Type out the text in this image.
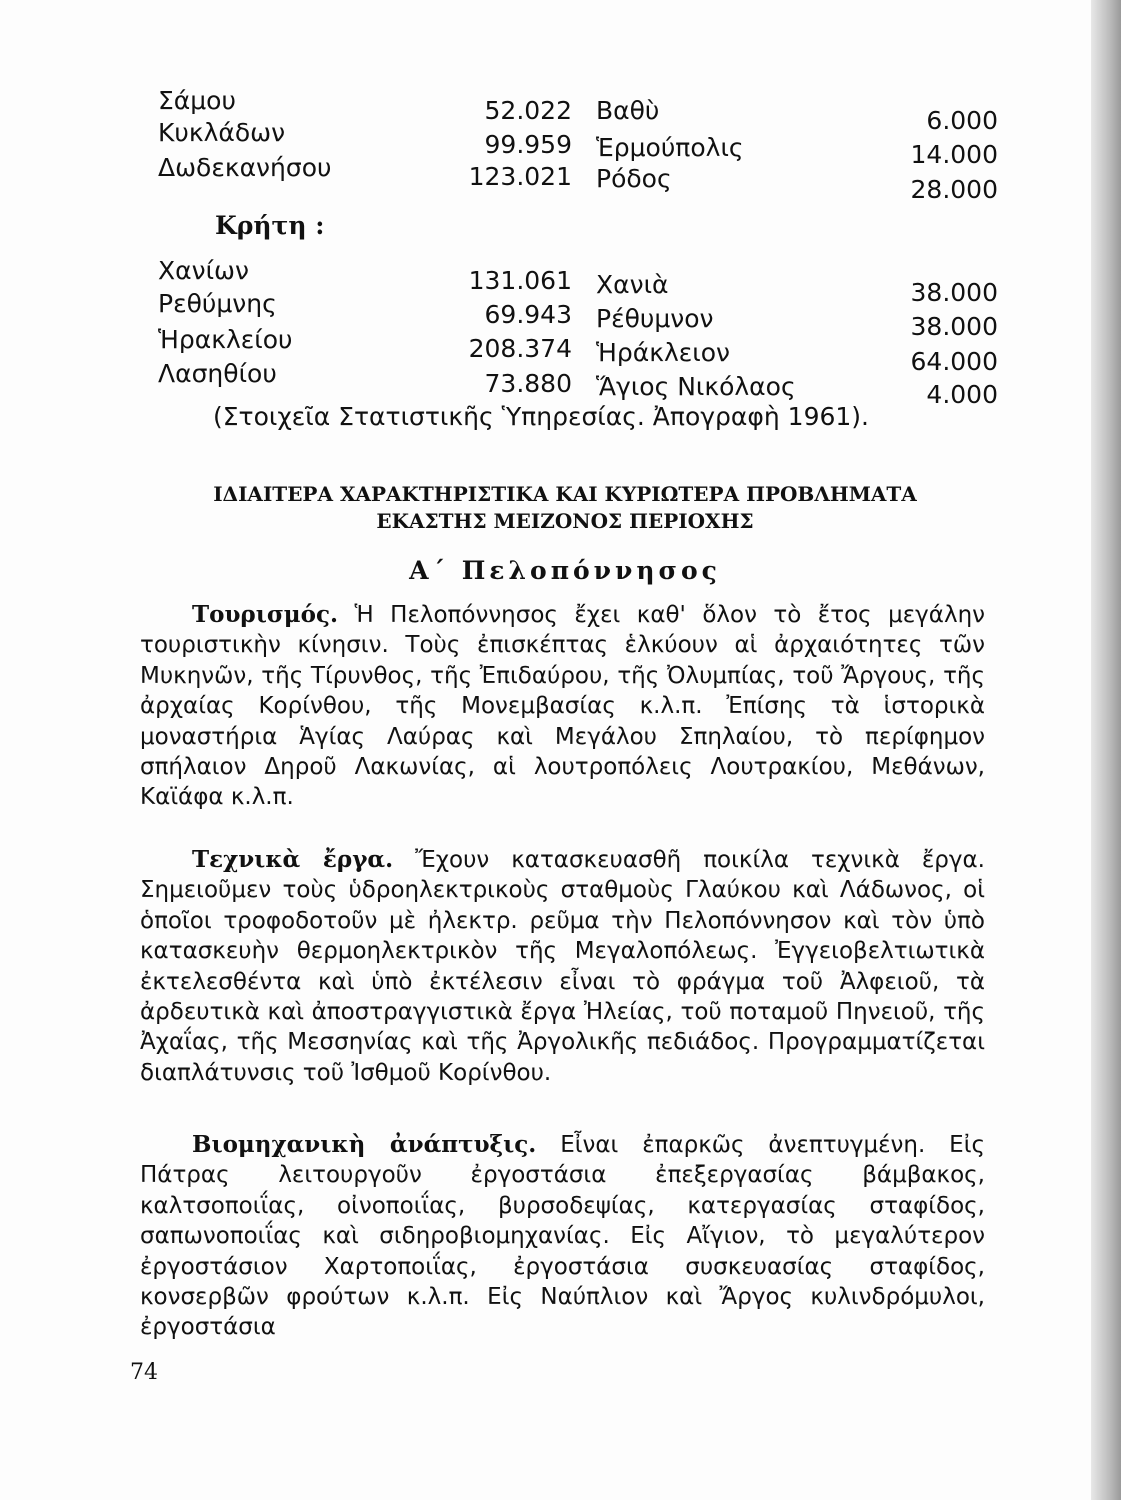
Σάμου	52.022 Βαθὺ	6.000
Κυκλάδων	99.959 Ἑρμούπολις	14.000
Δωδεκανήσου	123.021 Ρόδος	28.000
Κρήτη :
Χανίων	131.061 Χανιὰ	38.000
Ρεθύμνης	69.943 Ρέθυμνον	38.000
Ἡρακλείου	208.374 Ἡράκλειον	64.000
Λασηθίου	73.880 Ἅγιος Νικόλαος	4.000
(Στοιχεῖα Στατιστικῆς Ὑπηρεσίας. Ἀπογραφὴ 1961).
ΙΔΙΑΙΤΕΡΑ ΧΑΡΑΚΤΗΡΙΣΤΙΚΑ ΚΑΙ ΚΥΡΙΩΤΕΡΑ ΠΡΟΒΛΗΜΑΤΑ
ΕΚΑΣΤΗΣ ΜΕΙΖΟΝΟΣ ΠΕΡΙΟΧΗΣ
Α΄ Πελοπόννησος
Τουρισμός. Ἡ Πελοπόννησος ἔχει καθ' ὅλον τὸ ἔτος μεγάλην τουριστικὴν κίνησιν. Τοὺς ἐπισκέπτας ἑλκύουν αἱ ἀρχαιότητες τῶν Μυκηνῶν, τῆς Τίρυνθος, τῆς Ἐπιδαύρου, τῆς Ὀλυμπίας, τοῦ Ἄργους, τῆς ἀρχαίας Κορίνθου, τῆς Μονεμβασίας κ.λ.π. Ἐπίσης τὰ ἱστορικὰ μοναστήρια Ἁγίας Λαύρας καὶ Μεγάλου Σπηλαίου, τὸ περίφημον σπήλαιον Δηροῦ Λακωνίας, αἱ λουτροπόλεις Λουτρακίου, Μεθάνων, Καϊάφα κ.λ.π.
Τεχνικὰ ἔργα. Ἔχουν κατασκευασθῆ ποικίλα τεχνικὰ ἔργα. Σημειοῦμεν τοὺς ὑδροηλεκτρικοὺς σταθμοὺς Γλαύκου καὶ Λάδωνος, οἱ ὁποῖοι τροφοδοτοῦν μὲ ἠλεκτρ. ρεῦμα τὴν Πελοπόννησον καὶ τὸν ὑπὸ κατασκευὴν θερμοηλεκτρικὸν τῆς Μεγαλοπόλεως. Ἐγγειοβελτιωτικὰ ἐκτελεσθέντα καὶ ὑπὸ ἐκτέλεσιν εἶναι τὸ φράγμα τοῦ Ἀλφειοῦ, τὰ ἀρδευτικὰ καὶ ἀποστραγγιστικὰ ἔργα Ἠλείας, τοῦ ποταμοῦ Πηνειοῦ, τῆς Ἀχαΐας, τῆς Μεσσηνίας καὶ τῆς Ἀργολικῆς πεδιάδος. Προγραμματίζεται διαπλάτυνσις τοῦ Ἰσθμοῦ Κορίνθου.
Βιομηχανικὴ ἀνάπτυξις. Εἶναι ἐπαρκῶς ἀνεπτυγμένη. Εἰς Πάτρας λειτουργοῦν ἐργοστάσια ἐπεξεργασίας βάμβακος, καλτσοποιΐας, οἰνοποιΐας, βυρσοδεψίας, κατεργασίας σταφίδος, σαπωνοποιΐας καὶ σιδηροβιομηχανίας. Εἰς Αἴγιον, τὸ μεγαλύτερον ἐργοστάσιον Χαρτοποιΐας, ἐργοστάσια συσκευασίας σταφίδος, κονσερβῶν φρούτων κ.λ.π. Εἰς Ναύπλιον καὶ Ἄργος κυλινδρόμυλοι, ἐργοστάσια
74
